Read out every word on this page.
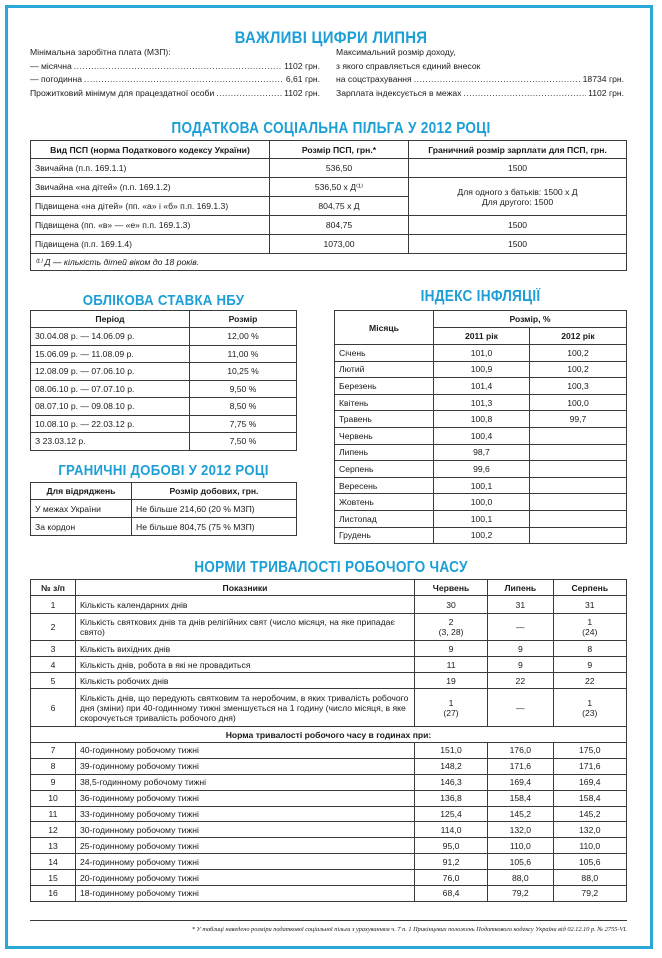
ВАЖЛИВІ ЦИФРИ ЛИПНЯ
Мінімальна заробітна плата (МЗП):
— місячна .....	1102 грн.
— погодинна .....	6,61 грн.
Прожитковий мінімум для працездатної особи .....	1102 грн.
Максимальний розмір доходу,
з якого справляється єдиний внесок
на соцстрахування .....	18734 грн.
Зарплата індексується в межах .....	1102 грн.
ПОДАТКОВА СОЦІАЛЬНА ПІЛЬГА У 2012 РОЦІ
Вид ПСП (норма Податкового кодексу України)	Розмір ПСП, грн.*	Граничний розмір зарплати для ПСП, грн.
Звичайна (п.п. 169.1.1)	536,50	1500
Звичайна «на дітей» (п.п. 169.1.2)	536,50 х Д⁽¹⁾	Для одного з батьків: 1500 х Д
Для другого: 1500

Підвищена «на дітей» (пп. «а» і «б» п.п. 169.1.3)	804,75 х Д	
Підвищена (пп. «в» — «е» п.п. 169.1.3)	804,75	1500
Підвищена (п.п. 169.1.4)	1073,00	1500
⁽¹⁾ Д — кількість дітей віком до 18 років.		
ОБЛІКОВА СТАВКА НБУ
Період	Розмір
30.04.08 р. — 14.06.09 р.	12,00 %
15.06.09 р. — 11.08.09 р.	11,00 %
12.08.09 р. — 07.06.10 р.	10,25 %
08.06.10 р. — 07.07.10 р.	9,50 %
08.07.10 р. — 09.08.10 р.	8,50 %
10.08.10 р. — 22.03.12 р.	7,75 %
З 23.03.12 р.	7,50 %
ГРАНИЧНІ ДОБОВІ У 2012 РОЦІ
Для відряджень	Розмір добових, грн.
У межах України	Не більше 214,60 (20 % МЗП)
За кордон	Не більше 804,75 (75 % МЗП)
ІНДЕКС ІНФЛЯЦІЇ
Місяць	Розмір, %	
	2011 рік	2012 рік
Січень	101,0	100,2
Лютий	100,9	100,2
Березень	101,4	100,3
Квітень	101,3	100,0
Травень	100,8	99,7
Червень	100,4	
Липень	98,7	
Серпень	99,6	
Вересень	100,1	
Жовтень	100,0	
Листопад	100,1	
Грудень	100,2	
НОРМИ ТРИВАЛОСТІ РОБОЧОГО ЧАСУ
№ з/п	Показники	Червень	Липень	Серпень
1	Кількість календарних днів	30	31	31
2	Кількість святкових днів та днів релігійних свят (число місяця, на яке припадає свято)	2
(3, 28)	—	1
(24)
3	Кількість вихідних днів	9	9	8
4	Кількість днів, робота в які не провадиться	11	9	9
5	Кількість робочих днів	19	22	22
6	Кількість днів, що передують святковим та неробочим, в яких тривалість робочого дня (зміни) при 40-годинному тижні зменшується на 1 годину (число місяця, в яке скорочується тривалість робочого дня)	1
(27)	—	1
(23)
Норма тривалості робочого часу в годинах при:				
7	40-годинному робочому тижні	151,0	176,0	175,0
8	39-годинному робочому тижні	148,2	171,6	171,6
9	38,5-годинному робочому тижні	146,3	169,4	169,4
10	36-годинному робочому тижні	136,8	158,4	158,4
11	33-годинному робочому тижні	125,4	145,2	145,2
12	30-годинному робочому тижні	114,0	132,0	132,0
13	25-годинному робочому тижні	95,0	110,0	110,0
14	24-годинному робочому тижні	91,2	105,6	105,6
15	20-годинному робочому тижні	76,0	88,0	88,0
16	18-годинному робочому тижні	68,4	79,2	79,2
* У таблиці наведено розміри податкової соціальної пільги з урахуванням ч. 7 п. 1 Прикінцевих положень Податкового кодексу України від 02.12.10 р. № 2755-VI.
